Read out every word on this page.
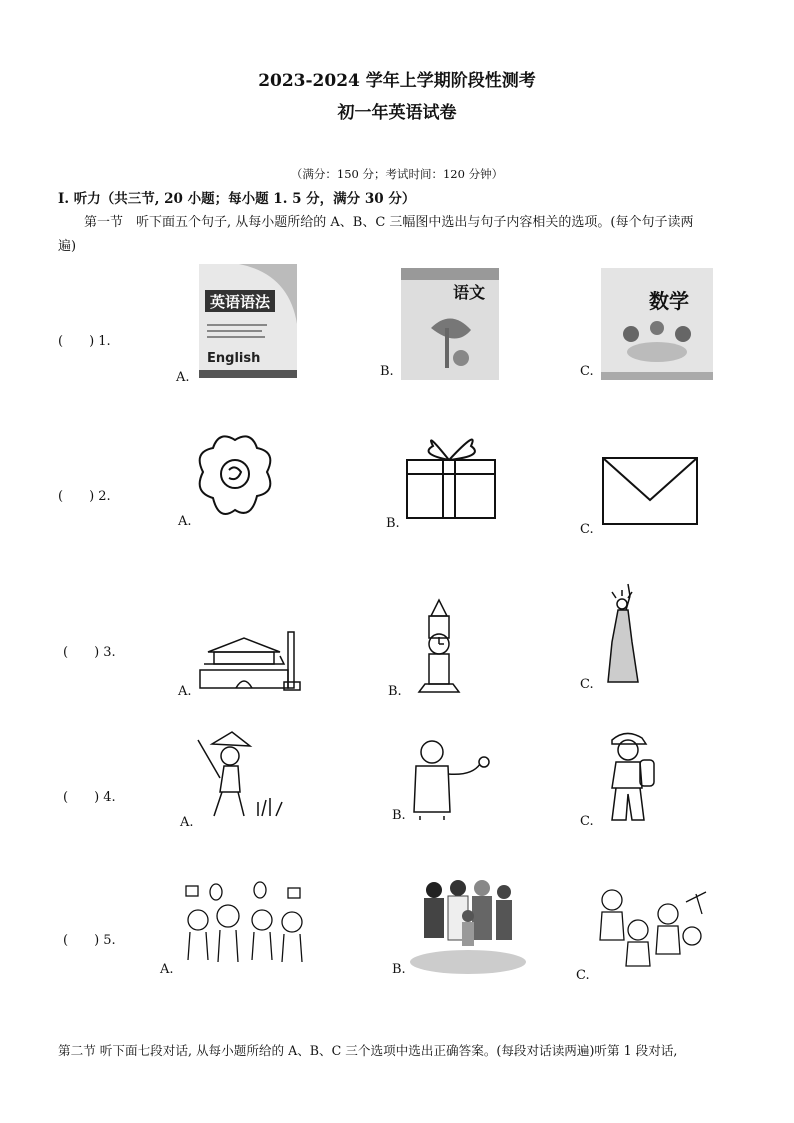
2023-2024 学年上学期阶段性测考
初一年英语试卷
（满分：150 分；考试时间：120 分钟）
Ⅰ. 听力（共三节, 20 小题；每小题 1. 5 分，满分 30 分）
第一节　听下面五个句子, 从每小题所给的 A、B、C 三幅图中选出与句子内容相关的选项。(每个句子读两
遍)
(　　) 1.
A.
英语语法
English
B.
语文
C.
数学
(　　) 2.
A.	B.	C.
(　　) 3.
A.	B.	C.
(　　) 4.
A.	B.	C.
(　　) 5.
A.	B.	C.
第二节 听下面七段对话, 从每小题所给的 A、B、C 三个选项中选出正确答案。(每段对话读两遍)听第 1 段对话,
